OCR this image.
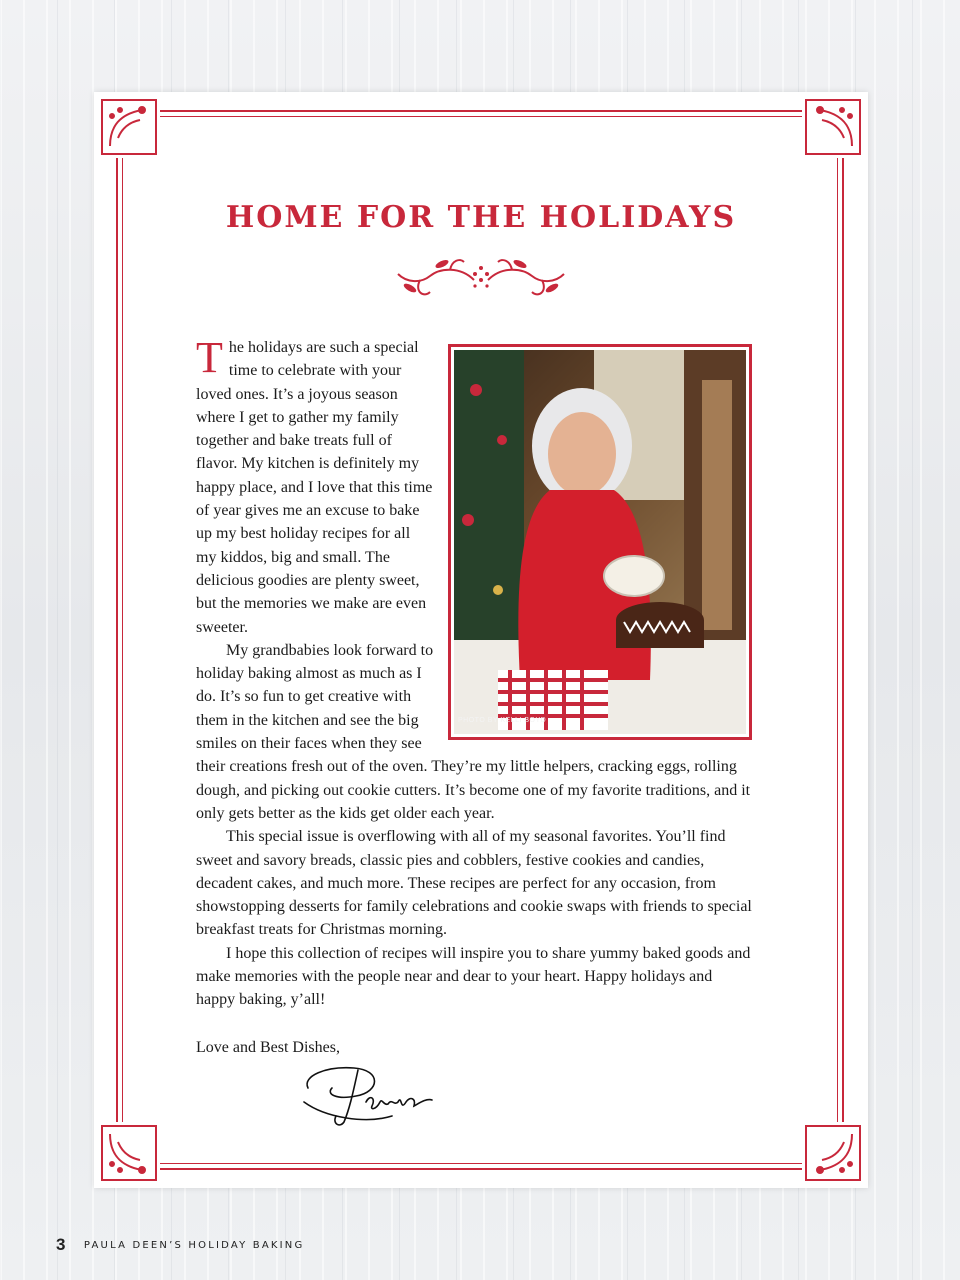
HOME FOR THE HOLIDAYS
PHOTO BY KELLI BOYD

The holidays are such a special time to celebrate with your loved ones. It’s a joyous season where I get to gather my family together and bake treats full of flavor. My kitchen is definitely my happy place, and I love that this time of year gives me an excuse to bake up my best holiday recipes for all my kiddos, big and small. The delicious goodies are plenty sweet, but the memories we make are even sweeter.

My grandbabies look forward to holiday baking almost as much as I do. It’s so fun to get creative with them in the kitchen and see the big smiles on their faces when they see their creations fresh out of the oven. They’re my little helpers, cracking eggs, rolling dough, and picking out cookie cutters. It’s become one of my favorite traditions, and it only gets better as the kids get older each year.

This special issue is overflowing with all of my seasonal favorites. You’ll find sweet and savory breads, classic pies and cobblers, festive cookies and candies, decadent cakes, and much more. These recipes are perfect for any occasion, from showstopping desserts for family celebrations and cookie swaps with friends to special breakfast treats for Christmas morning.

I hope this collection of recipes will inspire you to share yummy baked goods and make memories with the people near and dear to your heart. Happy holidays and happy baking, y’all!

Love and Best Dishes,

3 PAULA DEEN’S HOLIDAY BAKING
